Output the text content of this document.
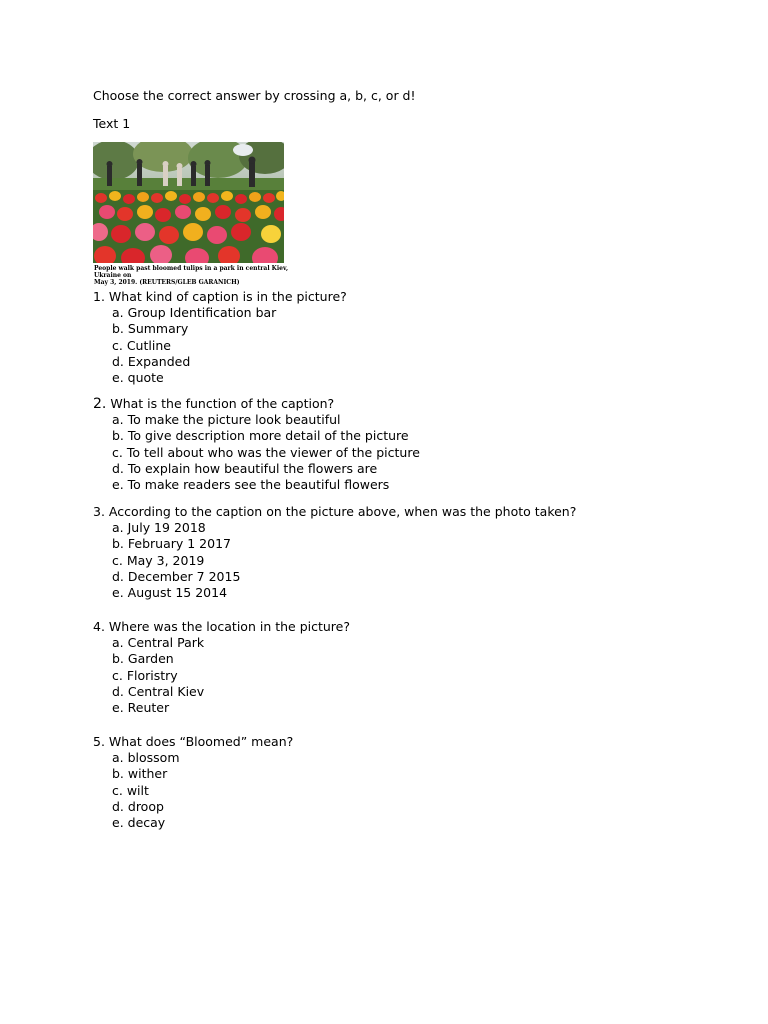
Choose the correct answer by crossing a, b, c, or d!
Text 1
People walk past bloomed tulips in a park in central Kiev, Ukraine on
May 3, 2019. (REUTERS/GLEB GARANICH)
1. What kind of caption is in the picture?
a. Group Identification bar
b. Summary
c. Cutline
d. Expanded
e. quote
2. What is the function of the caption?
a. To make the picture look beautiful
b. To give description more detail of the picture
c. To tell about who was the viewer of the picture
d. To explain how beautiful the flowers are
e. To make readers see the beautiful flowers
3. According to the caption on the picture above, when was the photo taken?
a. July 19 2018
b. February 1 2017
c. May 3, 2019
d. December 7 2015
e. August 15 2014
4. Where was the location in the picture?
a. Central Park
b. Garden
c. Floristry
d. Central Kiev
e. Reuter
5. What does “Bloomed” mean?
a. blossom
b. wither
c. wilt
d. droop
e. decay
